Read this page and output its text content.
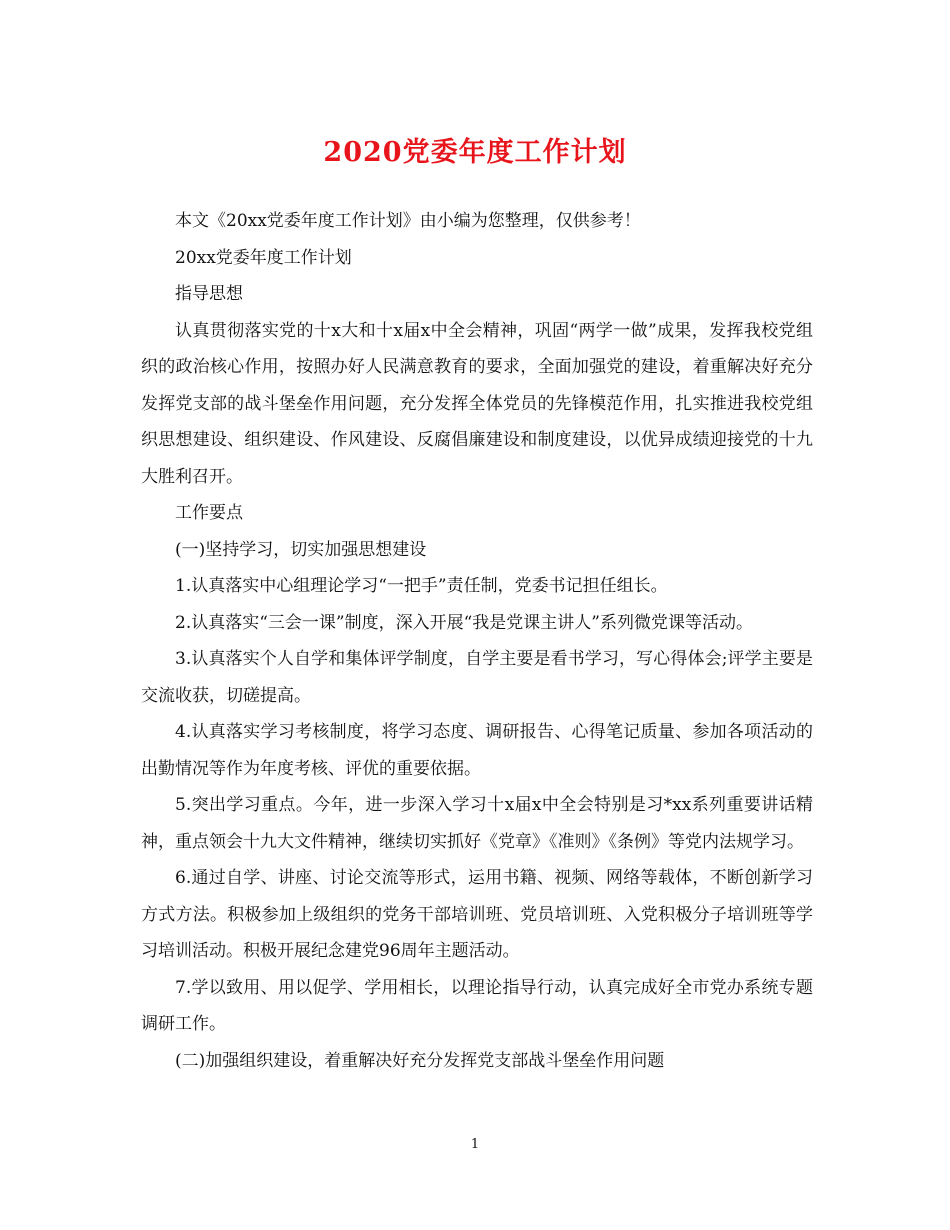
2020党委年度工作计划

本文《20xx党委年度工作计划》由小编为您整理，仅供参考！

20xx党委年度工作计划

指导思想

认真贯彻落实党的十x大和十x届x中全会精神，巩固“两学一做”成果，发挥我校党组织的政治核心作用，按照办好人民满意教育的要求，全面加强党的建设，着重解决好充分发挥党支部的战斗堡垒作用问题，充分发挥全体党员的先锋模范作用，扎实推进我校党组织思想建设、组织建设、作风建设、反腐倡廉建设和制度建设，以优异成绩迎接党的十九大胜利召开。

工作要点

(一)坚持学习，切实加强思想建设

1.认真落实中心组理论学习“一把手”责任制，党委书记担任组长。

2.认真落实“三会一课”制度，深入开展“我是党课主讲人”系列微党课等活动。

3.认真落实个人自学和集体评学制度，自学主要是看书学习，写心得体会;评学主要是交流收获，切磋提高。

4.认真落实学习考核制度，将学习态度、调研报告、心得笔记质量、参加各项活动的出勤情况等作为年度考核、评优的重要依据。

5.突出学习重点。今年，进一步深入学习十x届x中全会特别是习*xx系列重要讲话精神，重点领会十九大文件精神，继续切实抓好《党章》《准则》《条例》等党内法规学习。

6.通过自学、讲座、讨论交流等形式，运用书籍、视频、网络等载体，不断创新学习方式方法。积极参加上级组织的党务干部培训班、党员培训班、入党积极分子培训班等学习培训活动。积极开展纪念建党96周年主题活动。

7.学以致用、用以促学、学用相长，以理论指导行动，认真完成好全市党办系统专题调研工作。

(二)加强组织建设，着重解决好充分发挥党支部战斗堡垒作用问题

1
